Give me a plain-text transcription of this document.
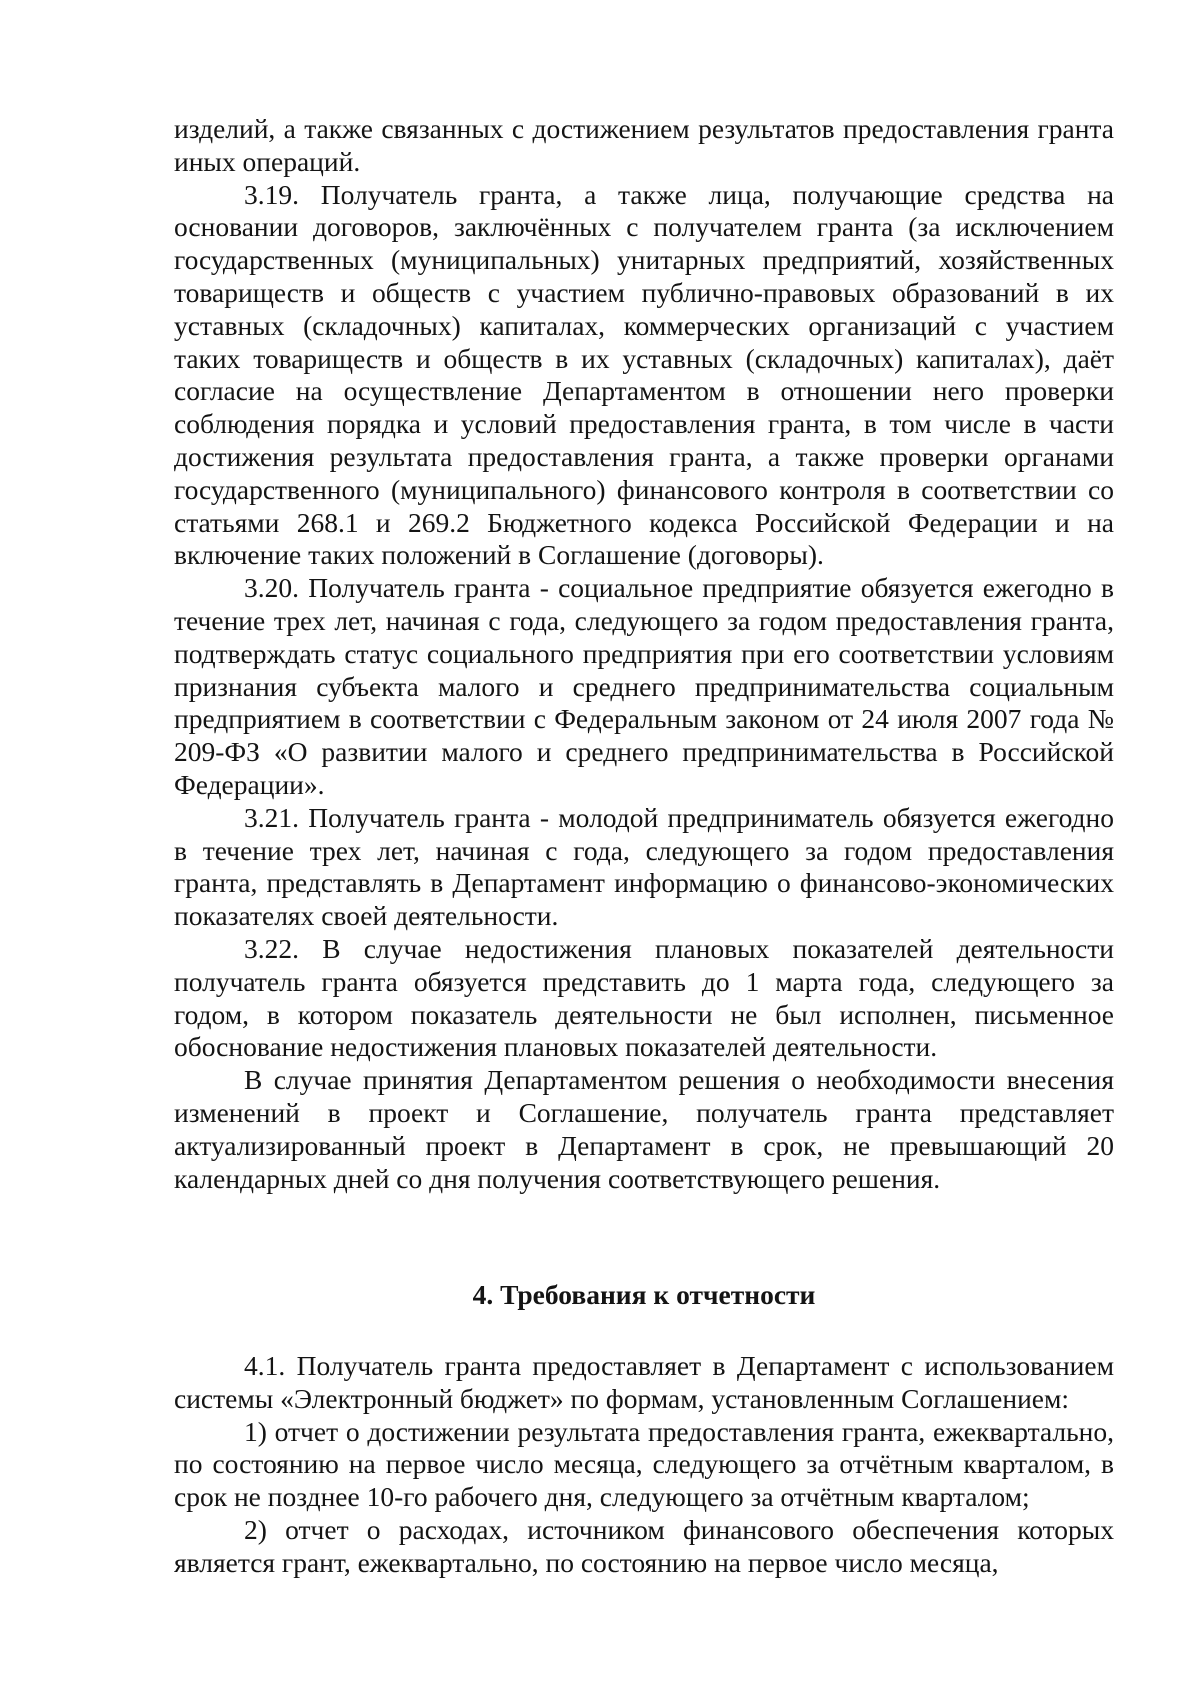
изделий, а также связанных с достижением результатов предоставления гранта иных операций.

3.19. Получатель гранта, а также лица, получающие средства на основании договоров, заключённых с получателем гранта (за исключением государственных (муниципальных) унитарных предприятий, хозяйственных товариществ и обществ с участием публично-правовых образований в их уставных (складочных) капиталах, коммерческих организаций с участием таких товариществ и обществ в их уставных (складочных) капиталах), даёт согласие на осуществление Департаментом в отношении него проверки соблюдения порядка и условий предоставления гранта, в том числе в части достижения результата предоставления гранта, а также проверки органами государственного (муниципального) финансового контроля в соответствии со статьями 268.1 и 269.2 Бюджетного кодекса Российской Федерации и на включение таких положений в Соглашение (договоры).

3.20. Получатель гранта - социальное предприятие обязуется ежегодно в течение трех лет, начиная с года, следующего за годом предоставления гранта, подтверждать статус социального предприятия при его соответствии условиям признания субъекта малого и среднего предпринимательства социальным предприятием в соответствии с Федеральным законом от 24 июля 2007 года № 209-ФЗ «О развитии малого и среднего предпринимательства в Российской Федерации».

3.21. Получатель гранта - молодой предприниматель обязуется ежегодно в течение трех лет, начиная с года, следующего за годом предоставления гранта, представлять в Департамент информацию о финансово-экономических показателях своей деятельности.

3.22. В случае недостижения плановых показателей деятельности получатель гранта обязуется представить до 1 марта года, следующего за годом, в котором показатель деятельности не был исполнен, письменное обоснование недостижения плановых показателей деятельности.

В случае принятия Департаментом решения о необходимости внесения изменений в проект и Соглашение, получатель гранта представляет актуализированный проект в Департамент в срок, не превышающий 20 календарных дней со дня получения соответствующего решения.

4. Требования к отчетности

4.1. Получатель гранта предоставляет в Департамент с использованием системы «Электронный бюджет» по формам, установленным Соглашением:

1) отчет о достижении результата предоставления гранта, ежеквартально, по состоянию на первое число месяца, следующего за отчётным кварталом, в срок не позднее 10-го рабочего дня, следующего за отчётным кварталом;

2) отчет о расходах, источником финансового обеспечения которых является грант, ежеквартально, по состоянию на первое число месяца,
